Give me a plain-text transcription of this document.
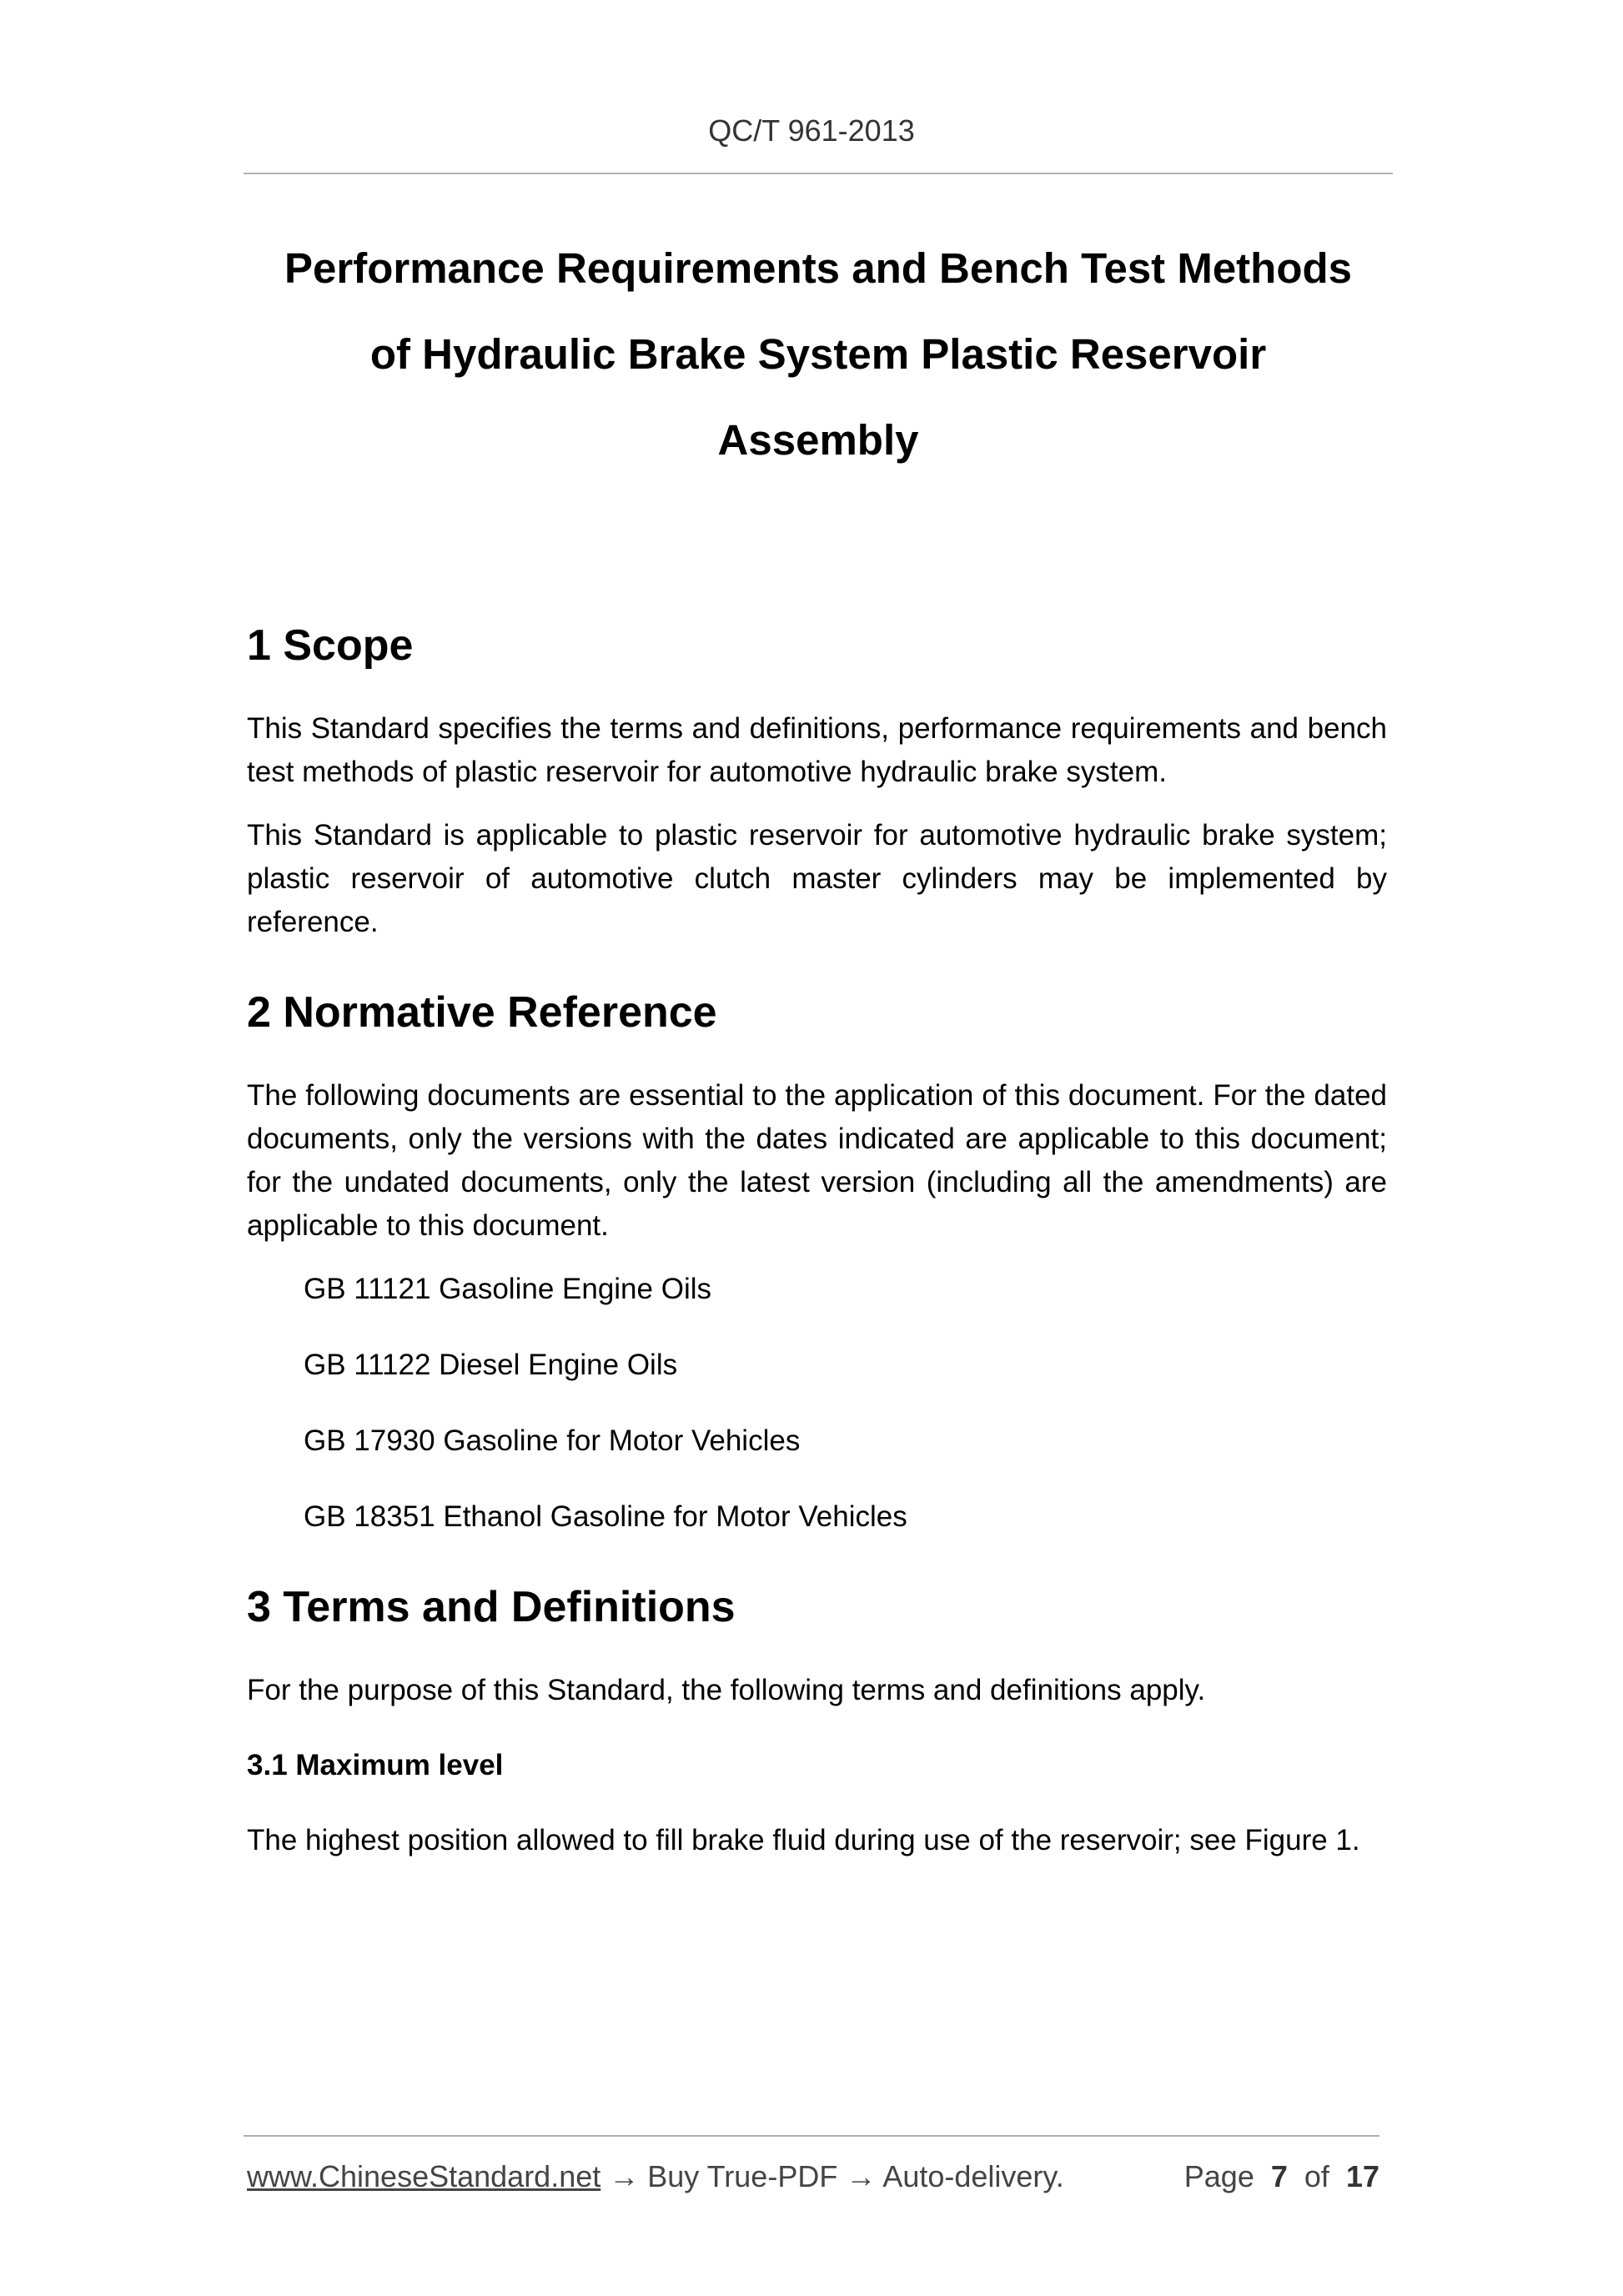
QC/T 961-2013
Performance Requirements and Bench Test Methods
of Hydraulic Brake System Plastic Reservoir
Assembly
1 Scope

This Standard specifies the terms and definitions, performance requirements and bench test methods of plastic reservoir for automotive hydraulic brake system.

This Standard is applicable to plastic reservoir for automotive hydraulic brake system; plastic reservoir of automotive clutch master cylinders may be implemented by reference.

2 Normative Reference

The following documents are essential to the application of this document. For the dated documents, only the versions with the dates indicated are applicable to this document; for the undated documents, only the latest version (including all the amendments) are applicable to this document.

GB 11121 Gasoline Engine Oils
GB 11122 Diesel Engine Oils
GB 17930 Gasoline for Motor Vehicles
GB 18351 Ethanol Gasoline for Motor Vehicles
3 Terms and Definitions

For the purpose of this Standard, the following terms and definitions apply.

3.1 Maximum level

The highest position allowed to fill brake fluid during use of the reservoir; see Figure 1.

www.ChineseStandard.net → Buy True-PDF → Auto-delivery.	Page 7 of 17
